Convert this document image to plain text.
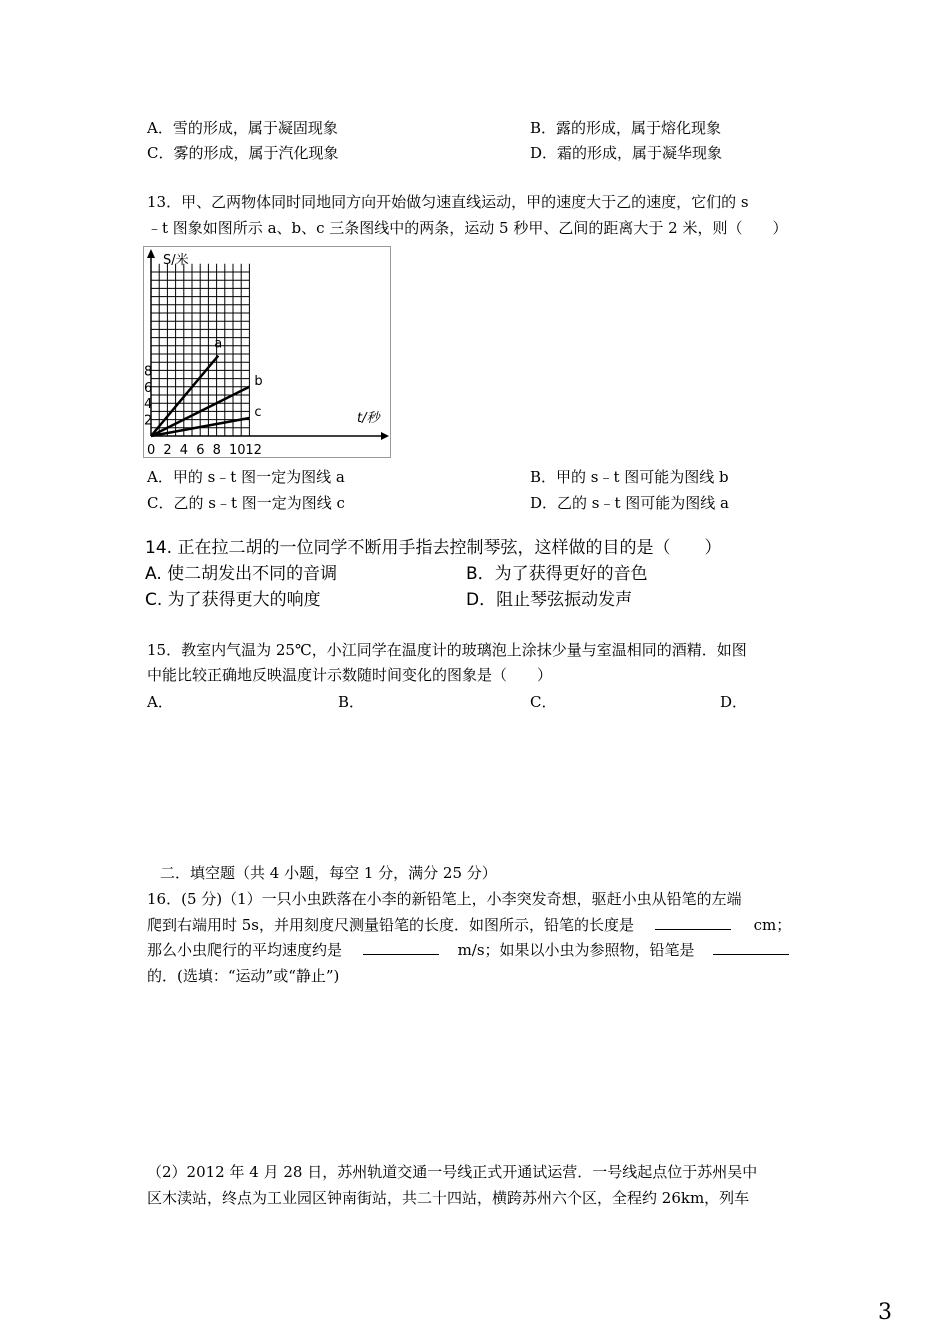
A．雪的形成，属于凝固现象	B．露的形成，属于熔化现象
C．雾的形成，属于汽化现象	D．霜的形成，属于凝华现象
13．甲、乙两物体同时同地同方向开始做匀速直线运动，甲的速度大于乙的速度，它们的 s
﹣t 图象如图所示 a、b、c 三条图线中的两条，运动 5 秒甲、乙间的距离大于 2 米，则（　　）
0 2 4 6 8 10 12
2
4
6
8
a
b
c
S/米
t/秒
A．甲的 s﹣t 图一定为图线 a	B．甲的 s﹣t 图可能为图线 b
C．乙的 s﹣t 图一定为图线 c	D．乙的 s﹣t 图可能为图线 a
14. 正在拉二胡的一位同学不断用手指去控制琴弦，这样做的目的是（　　）
A. 使二胡发出不同的音调	B．为了获得更好的音色
C. 为了获得更大的响度	D．阻止琴弦振动发声
15．教室内气温为 25℃，小江同学在温度计的玻璃泡上涂抹少量与室温相同的酒精．如图
中能比较正确地反映温度计示数随时间变化的图象是（　　）
A．	B．	C．	D．
二．填空题（共 4 小题，每空 1 分，满分 25 分）
16．(5 分)（1）一只小虫跌落在小李的新铅笔上，小李突发奇想，驱赶小虫从铅笔的左端
爬到右端用时 5s，并用刻度尺测量铅笔的长度．如图所示，铅笔的长度是	cm；
那么小虫爬行的平均速度约是	m/s；如果以小虫为参照物，铅笔是
的．(选填：“运动”或“静止”)
（2）2012 年 4 月 28 日，苏州轨道交通一号线正式开通试运营．一号线起点位于苏州吴中
区木渎站，终点为工业园区钟南街站，共二十四站，横跨苏州六个区，全程约 26km，列车
3
